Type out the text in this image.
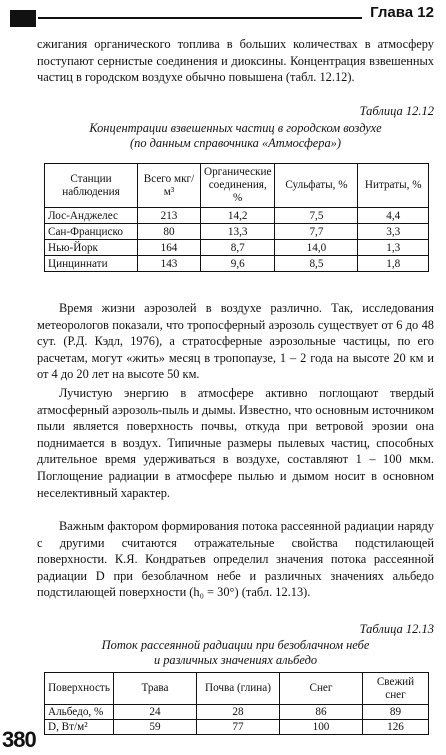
Глава 12
сжигания органического топлива в больших количествах в атмосферу поступают сернистые соединения и диоксины. Концентрация взвешенных частиц в городском воздухе обычно повышена (табл. 12.12).
Таблица 12.12
Концентрации взвешенных частиц в городском воздухе
(по данным справочника «Атмосфера»)
Станции наблюдения	Всего мкг/м³	Органические соединения, %	Сульфаты, %	Нитраты, %
Лос-Анджелес	213	14,2	7,5	4,4
Сан-Франциско	80	13,3	7,7	3,3
Нью-Йорк	164	8,7	14,0	1,3
Цинциннати	143	9,6	8,5	1,8
Время жизни аэрозолей в воздухе различно. Так, исследования метеорологов показали, что тропосферный аэрозоль существует от 6 до 48 сут. (Р.Д. Кэдл, 1976), а стратосферные аэрозольные частицы, по его расчетам, могут «жить» месяц в тропопаузе, 1 – 2 года на высоте 20 км и от 4 до 20 лет на высоте 50 км.
Лучистую энергию в атмосфере активно поглощают твердый атмосферный аэрозоль-пыль и дымы. Известно, что основным источником пыли является поверхность почвы, откуда при ветровой эрозии она поднимается в воздух. Типичные размеры пылевых частиц, способных длительное время удерживаться в воздухе, составляют 1 – 100 мкм. Поглощение радиации в атмосфере пылью и дымом носит в основном неселективный характер.
Важным фактором формирования потока рассеянной радиации наряду с другими считаются отражательные свойства подстилающей поверхности. К.Я. Кондратьев определил значения потока рассеянной радиации D при безоблачном небе и различных значениях альбедо подстилающей поверхности (h₀ = 30°) (табл. 12.13).
Таблица 12.13
Поток рассеянной радиации при безоблачном небе
и различных значениях альбедо
Поверхность	Трава	Почва (глина)	Снег	Свежий снег
Альбедо, %	24	28	86	89
D, Вт/м²	59	77	100	126
380
